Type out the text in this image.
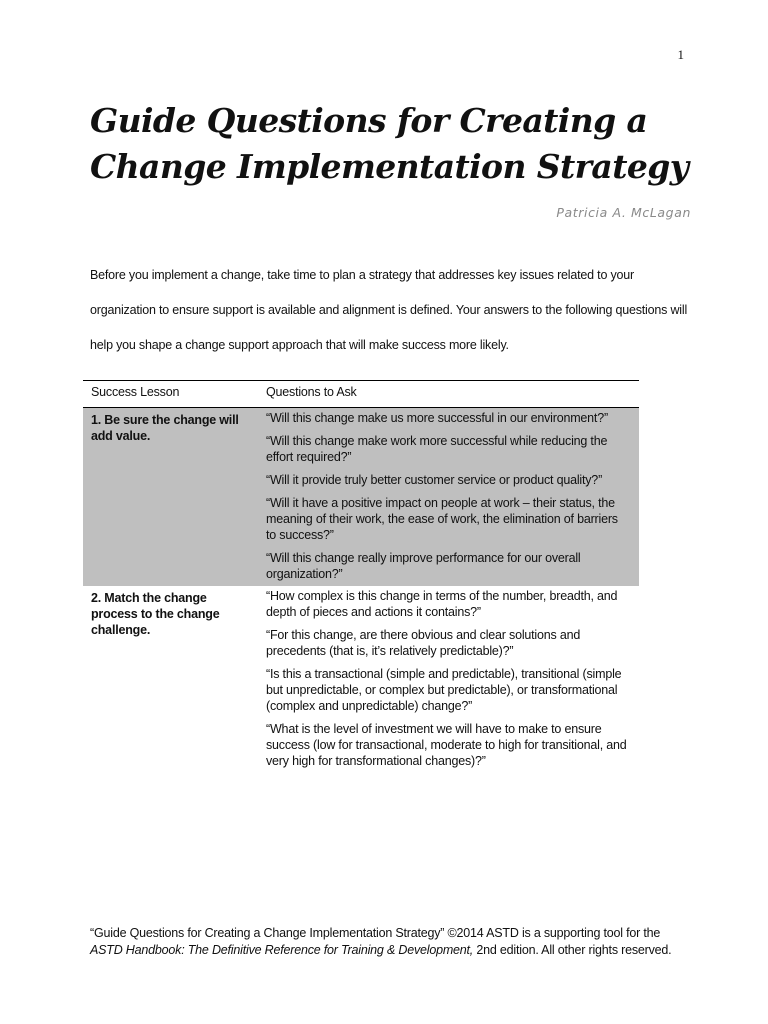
1
Guide Questions for Creating a
Change Implementation Strategy
Patricia A. McLagan

Before you implement a change, take time to plan a strategy that addresses key issues related to your organization to ensure support is available and alignment is defined. Your answers to the following questions will help you shape a change support approach that will make success more likely.

Success Lesson	Questions to Ask
1. Be sure the change will add value.	“Will this change make us more successful in our environment?”

“Will this change make work more successful while reducing the effort required?”

“Will it provide truly better customer service or product quality?”

“Will it have a positive impact on people at work – their status, the meaning of their work, the ease of work, the elimination of barriers to success?”

“Will this change really improve performance for our overall organization?”

2. Match the change process to the change challenge.	“How complex is this change in terms of the number, breadth, and depth of pieces and actions it contains?”

“For this change, are there obvious and clear solutions and precedents (that is, it’s relatively predictable)?”

“Is this a transactional (simple and predictable), transitional (simple but unpredictable, or complex but predictable), or transformational (complex and unpredictable) change?”

“What is the level of investment we will have to make to ensure success (low for transactional, moderate to high for transitional, and very high for transformational changes)?”

“Guide Questions for Creating a Change Implementation Strategy” ©2014 ASTD is a supporting tool for the ASTD Handbook: The Definitive Reference for Training & Development, 2nd edition. All other rights reserved.
